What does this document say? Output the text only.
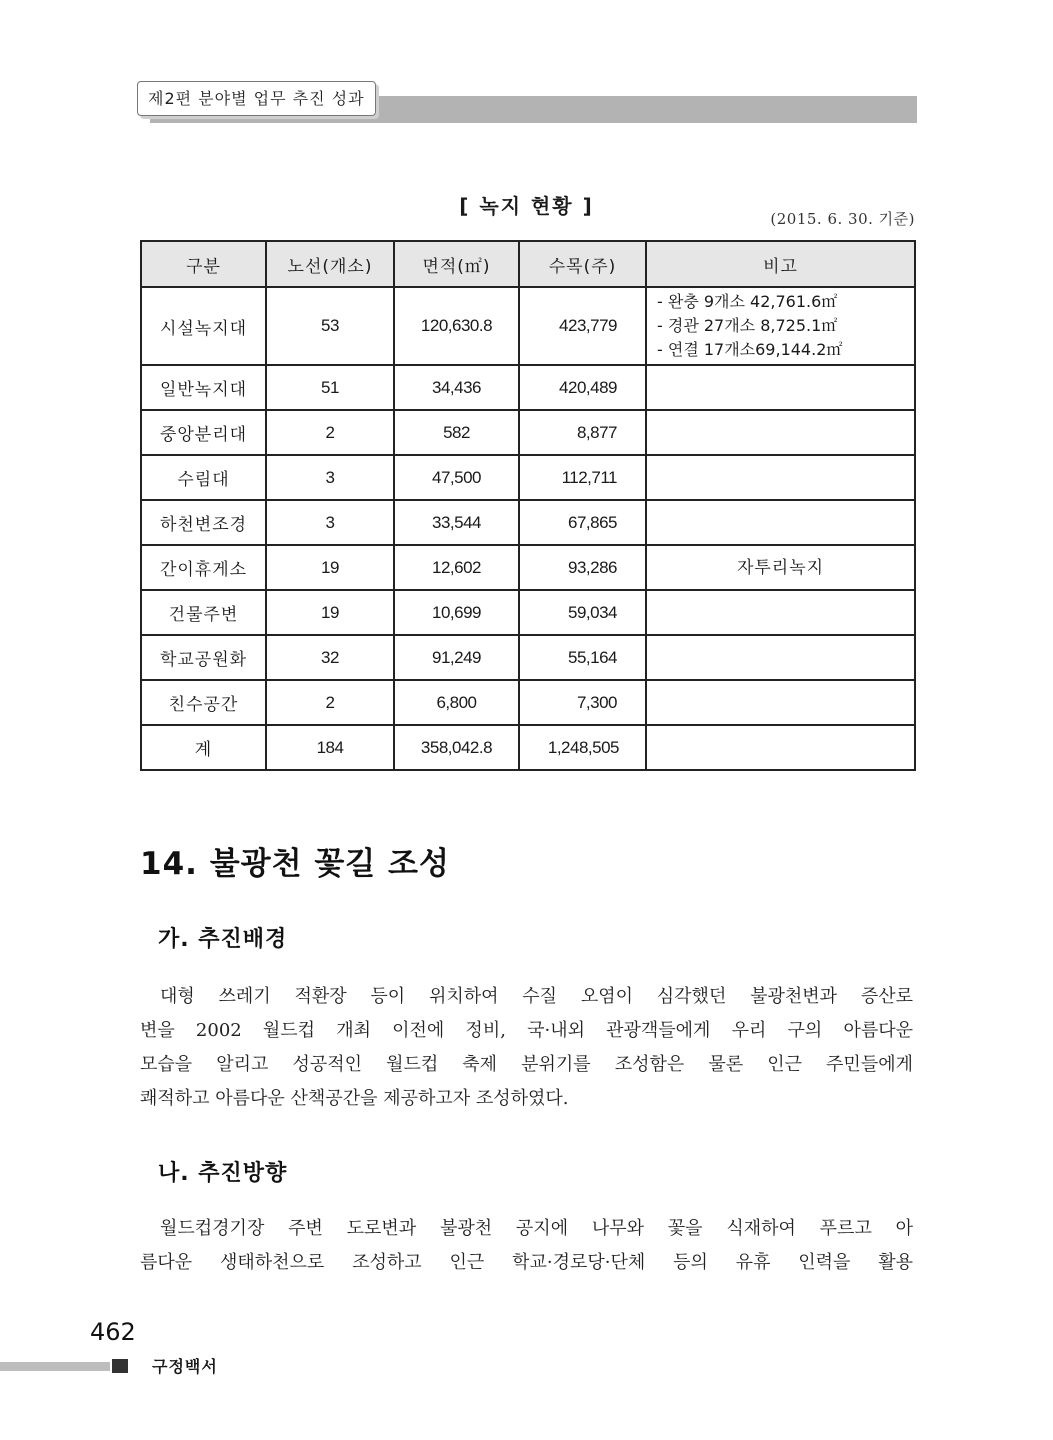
제2편 분야별 업무 추진 성과
[ 녹지 현황 ]
(2015. 6. 30. 기준)
구분	노선(개소)	면적(㎡)	수목(주)	비고
시설녹지대	53	120,630.8	423,779	- 완충 9개소 42,761.6㎡
- 경관 27개소 8,725.1㎡
- 연결 17개소69,144.2㎡

일반녹지대	51	34,436	420,489	
중앙분리대	2	582	8,877	
수림대	3	47,500	112,711	
하천변조경	3	33,544	67,865	
간이휴게소	19	12,602	93,286	자투리녹지
건물주변	19	10,699	59,034	
학교공원화	32	91,249	55,164	
친수공간	2	6,800	7,300	
계	184	358,042.8	1,248,505	
14. 불광천 꽃길 조성
가. 추진배경
대형 쓰레기 적환장 등이 위치하여 수질 오염이 심각했던 불광천변과 증산로
변을 2002 월드컵 개최 이전에 정비, 국·내외 관광객들에게 우리 구의 아름다운
모습을 알리고 성공적인 월드컵 축제 분위기를 조성함은 물론 인근 주민들에게
쾌적하고 아름다운 산책공간을 제공하고자 조성하였다.
나. 추진방향
월드컵경기장 주변 도로변과 불광천 공지에 나무와 꽃을 식재하여 푸르고 아
름다운 생태하천으로 조성하고 인근 학교·경로당·단체 등의 유휴 인력을 활용
462
구정백서
